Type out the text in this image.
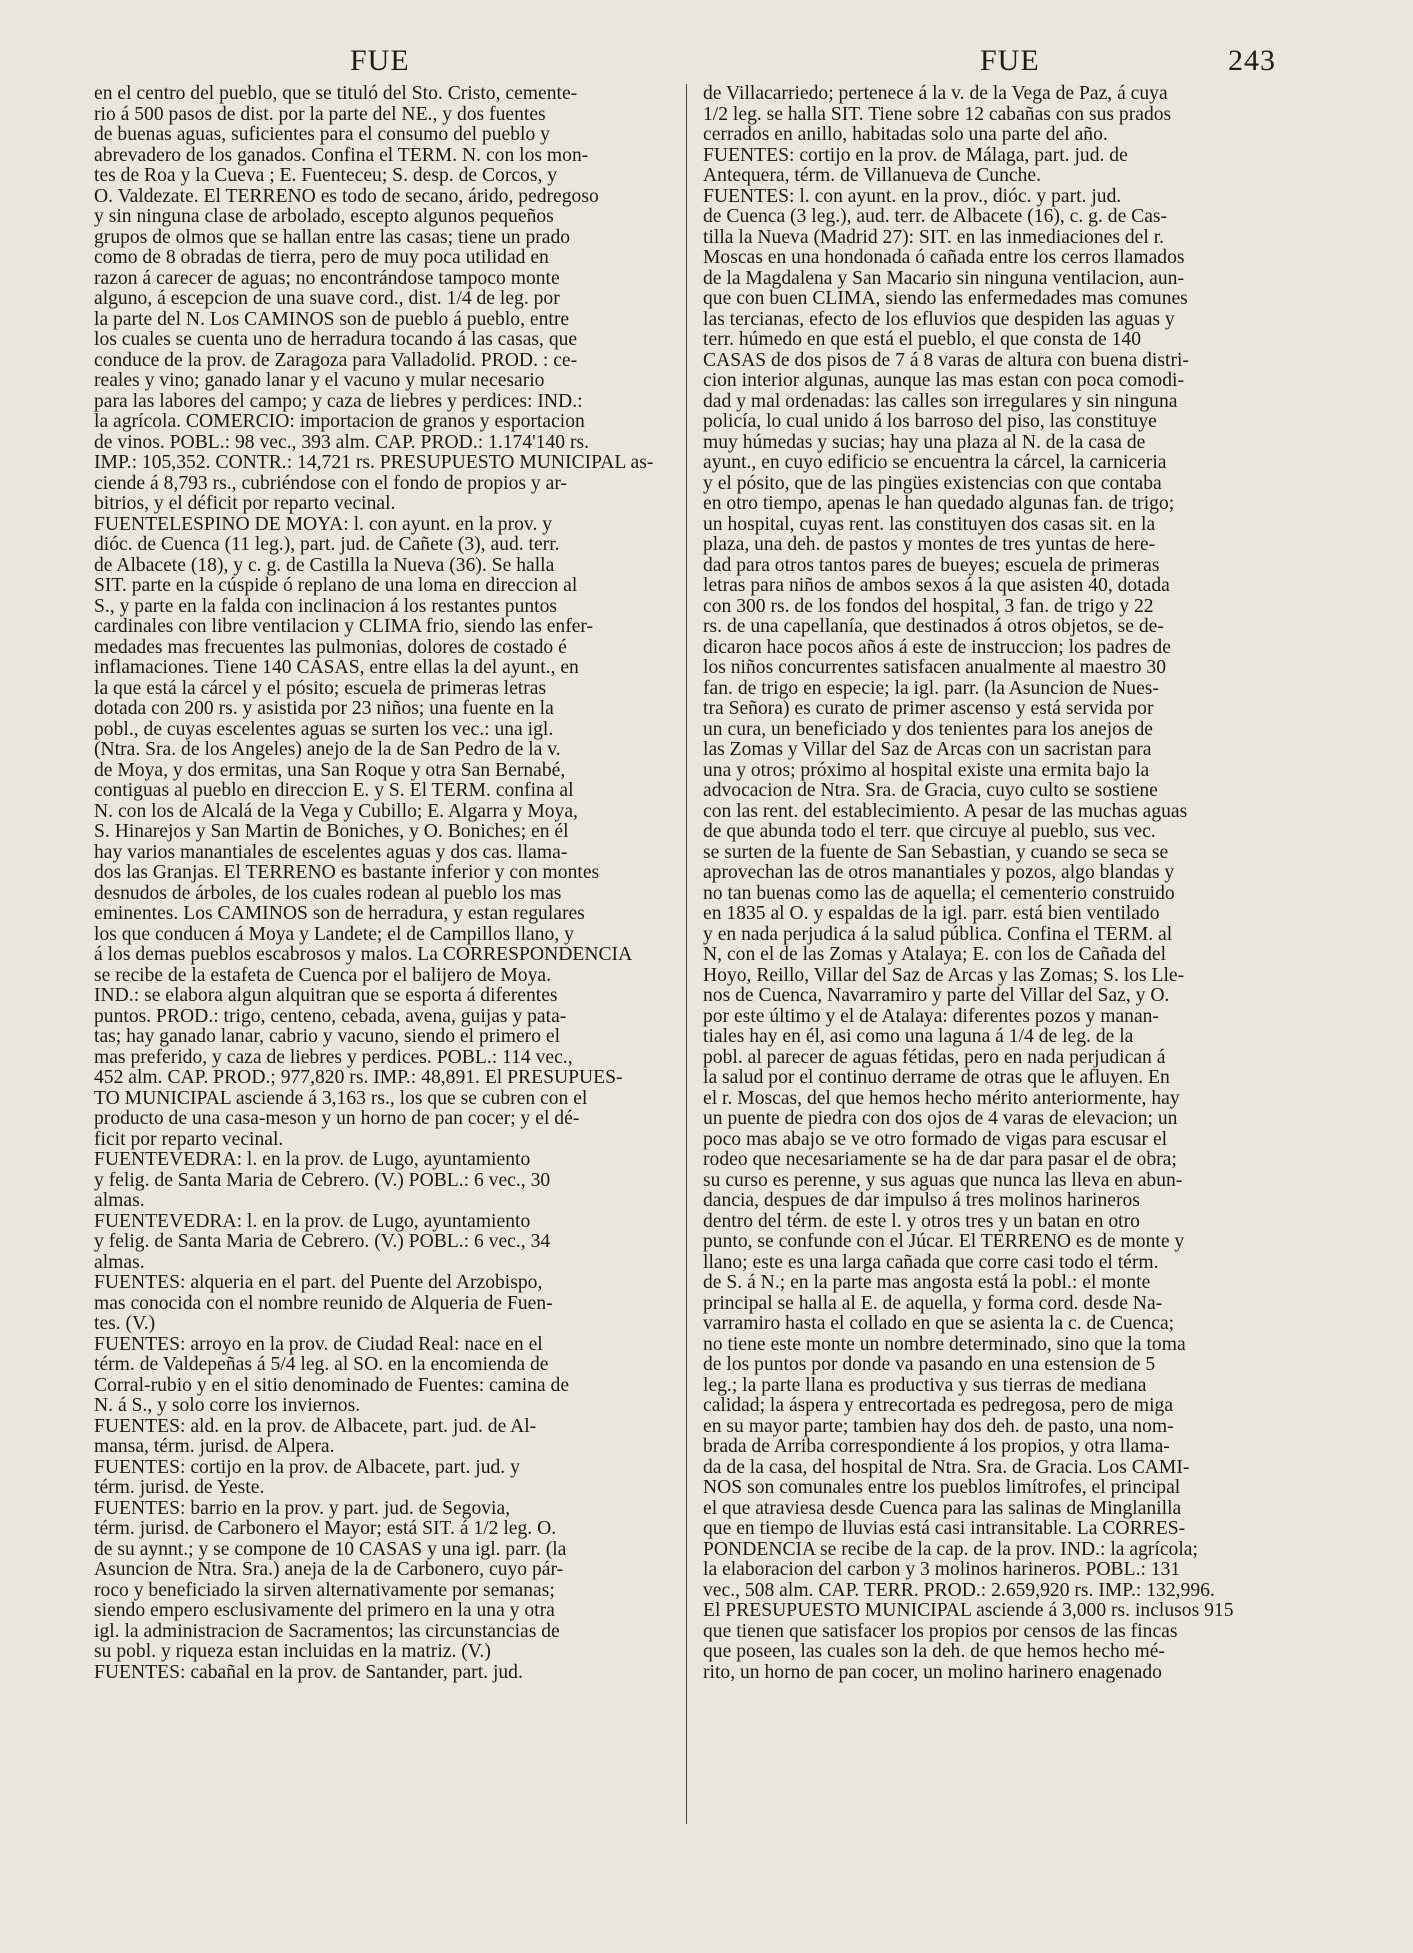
FUE	FUE	243
en el centro del pueblo, que se tituló del Sto. Cristo, cemente-
rio á 500 pasos de dist. por la parte del NE., y dos fuentes
de buenas aguas, suficientes para el consumo del pueblo y
abrevadero de los ganados. Confina el TÉRM. N. con los mon-
tes de Roa y la Cueva ; E. Fuenteceu; S. desp. de Corcos, y
O. Valdezate. El TERRENO es todo de secano, árido, pedregoso
y sin ninguna clase de arbolado, escepto algunos pequeños
grupos de olmos que se hallan entre las casas; tiene un prado
como de 8 obradas de tierra, pero de muy poca utilidad en
razon á carecer de aguas; no encontrándose tampoco monte
alguno, á escepcion de una suave cord., dist. 1/4 de leg. por
la parte del N. Los CAMINOS son de pueblo á pueblo, entre
los cuales se cuenta uno de herradura tocando á las casas, que
conduce de la prov. de Zaragoza para Valladolid. PROD. : ce-
reales y vino; ganado lanar y el vacuno y mular necesario
para las labores del campo; y caza de liebres y perdices: IND.:
la agrícola. COMERCIO: importacion de granos y esportacion
de vinos. POBL.: 98 vec., 393 alm. CAP. PROD.: 1.174'140 rs.
IMP.: 105,352. CONTR.: 14,721 rs. PRESUPUESTO MUNICIPAL as-
ciende á 8,793 rs., cubriéndose con el fondo de propios y ar-
bitrios, y el déficit por reparto vecinal.
FUENTELESPINO DE MOYA: l. con ayunt. en la prov. y
dióc. de Cuenca (11 leg.), part. jud. de Cañete (3), aud. terr.
de Albacete (18), y c. g. de Castilla la Nueva (36). Se halla
SIT. parte en la cúspide ó replano de una loma en direccion al
S., y parte en la falda con inclinacion á los restantes puntos
cardinales con libre ventilacion y CLIMA frio, siendo las enfer-
medades mas frecuentes las pulmonias, dolores de costado é
inflamaciones. Tiene 140 CASAS, entre ellas la del ayunt., en
la que está la cárcel y el pósito; escuela de primeras letras
dotada con 200 rs. y asistida por 23 niños; una fuente en la
pobl., de cuyas escelentes aguas se surten los vec.: una igl.
(Ntra. Sra. de los Angeles) anejo de la de San Pedro de la v.
de Moya, y dos ermitas, una San Roque y otra San Bernabé,
contiguas al pueblo en direccion E. y S. El TÉRM. confina al
N. con los de Alcalá de la Vega y Cubillo; E. Algarra y Moya,
S. Hinarejos y San Martin de Boniches, y O. Boniches; en él
hay varios manantiales de escelentes aguas y dos cas. llama-
dos las Granjas. El TERRENO es bastante inferior y con montes
desnudos de árboles, de los cuales rodean al pueblo los mas
eminentes. Los CAMINOS son de herradura, y estan regulares
los que conducen á Moya y Landete; el de Campillos llano, y
á los demas pueblos escabrosos y malos. La CORRESPONDENCIA
se recibe de la estafeta de Cuenca por el balijero de Moya.
IND.: se elabora algun alquitran que se esporta á diferentes
puntos. PROD.: trigo, centeno, cebada, avena, guijas y pata-
tas; hay ganado lanar, cabrio y vacuno, siendo el primero el
mas preferido, y caza de liebres y perdices. POBL.: 114 vec.,
452 alm. CAP. PROD.; 977,820 rs. IMP.: 48,891. El PRESUPUES-
TO MUNICIPAL asciende á 3,163 rs., los que se cubren con el
producto de una casa-meson y un horno de pan cocer; y el dé-
ficit por reparto vecinal.
FUENTEVEDRA: l. en la prov. de Lugo, ayuntamiento
y felig. de Santa Maria de Cebrero. (V.) POBL.: 6 vec., 30
almas.
FUENTEVEDRA: l. en la prov. de Lugo, ayuntamiento
y felig. de Santa Maria de Cebrero. (V.) POBL.: 6 vec., 34
almas.
FUENTES: alqueria en el part. del Puente del Arzobispo,
mas conocida con el nombre reunido de Alqueria de Fuen-
tes. (V.)
FUENTES: arroyo en la prov. de Ciudad Real: nace en el
térm. de Valdepeñas á 5/4 leg. al SO. en la encomienda de
Corral-rubio y en el sitio denominado de Fuentes: camina de
N. á S., y solo corre los inviernos.
FUENTES: ald. en la prov. de Albacete, part. jud. de Al-
mansa, térm. jurisd. de Alpera.
FUENTES: cortijo en la prov. de Albacete, part. jud. y
térm. jurisd. de Yeste.
FUENTES: barrio en la prov. y part. jud. de Segovia,
térm. jurisd. de Carbonero el Mayor; está SIT. á 1/2 leg. O.
de su aynnt.; y se compone de 10 CASAS y una igl. parr. (la
Asuncion de Ntra. Sra.) aneja de la de Carbonero, cuyo pár-
roco y beneficiado la sirven alternativamente por semanas;
siendo empero esclusivamente del primero en la una y otra
igl. la administracion de Sacramentos; las circunstancias de
su pobl. y riqueza estan incluidas en la matriz. (V.)
FUENTES: cabañal en la prov. de Santander, part. jud.
de Villacarriedo; pertenece á la v. de la Vega de Paz, á cuya
1/2 leg. se halla SIT. Tiene sobre 12 cabañas con sus prados
cerrados en anillo, habitadas solo una parte del año.
FUENTES: cortijo en la prov. de Málaga, part. jud. de
Antequera, térm. de Villanueva de Cunche.
FUENTES: l. con ayunt. en la prov., dióc. y part. jud.
de Cuenca (3 leg.), aud. terr. de Albacete (16), c. g. de Cas-
tilla la Nueva (Madrid 27): SIT. en las inmediaciones del r.
Moscas en una hondonada ó cañada entre los cerros llamados
de la Magdalena y San Macario sin ninguna ventilacion, aun-
que con buen CLIMA, siendo las enfermedades mas comunes
las tercianas, efecto de los efluvios que despiden las aguas y
terr. húmedo en que está el pueblo, el que consta de 140
CASAS de dos pisos de 7 á 8 varas de altura con buena distri-
cion interior algunas, aunque las mas estan con poca comodi-
dad y mal ordenadas: las calles son irregulares y sin ninguna
policía, lo cual unido á los barroso del piso, las constituye
muy húmedas y sucias; hay una plaza al N. de la casa de
ayunt., en cuyo edificio se encuentra la cárcel, la carniceria
y el pósito, que de las pingües existencias con que contaba
en otro tiempo, apenas le han quedado algunas fan. de trigo;
un hospital, cuyas rent. las constituyen dos casas sit. en la
plaza, una deh. de pastos y montes de tres yuntas de here-
dad para otros tantos pares de bueyes; escuela de primeras
letras para niños de ambos sexos á la que asisten 40, dotada
con 300 rs. de los fondos del hospital, 3 fan. de trigo y 22
rs. de una capellanía, que destinados á otros objetos, se de-
dicaron hace pocos años á este de instruccion; los padres de
los niños concurrentes satisfacen anualmente al maestro 30
fan. de trigo en especie; la igl. parr. (la Asuncion de Nues-
tra Señora) es curato de primer ascenso y está servida por
un cura, un beneficiado y dos tenientes para los anejos de
las Zomas y Villar del Saz de Arcas con un sacristan para
una y otros; próximo al hospital existe una ermita bajo la
advocacion de Ntra. Sra. de Gracia, cuyo culto se sostiene
con las rent. del establecimiento. A pesar de las muchas aguas
de que abunda todo el terr. que circuye al pueblo, sus vec.
se surten de la fuente de San Sebastian, y cuando se seca se
aprovechan las de otros manantiales y pozos, algo blandas y
no tan buenas como las de aquella; el cementerio construido
en 1835 al O. y espaldas de la igl. parr. está bien ventilado
y en nada perjudica á la salud pública. Confina el TÉRM. al
N, con el de las Zomas y Atalaya; E. con los de Cañada del
Hoyo, Reillo, Villar del Saz de Arcas y las Zomas; S. los Lle-
nos de Cuenca, Navarramiro y parte del Villar del Saz, y O.
por este último y el de Atalaya: diferentes pozos y manan-
tiales hay en él, asi como una laguna á 1/4 de leg. de la
pobl. al parecer de aguas fétidas, pero en nada perjudican á
la salud por el continuo derrame de otras que le afluyen. En
el r. Moscas, del que hemos hecho mérito anteriormente, hay
un puente de piedra con dos ojos de 4 varas de elevacion; un
poco mas abajo se ve otro formado de vigas para escusar el
rodeo que necesariamente se ha de dar para pasar el de obra;
su curso es perenne, y sus aguas que nunca las lleva en abun-
dancia, despues de dar impulso á tres molinos harineros
dentro del térm. de este l. y otros tres y un batan en otro
punto, se confunde con el Júcar. El TERRENO es de monte y
llano; este es una larga cañada que corre casi todo el térm.
de S. á N.; en la parte mas angosta está la pobl.: el monte
principal se halla al E. de aquella, y forma cord. desde Na-
varramiro hasta el collado en que se asienta la c. de Cuenca;
no tiene este monte un nombre determinado, sino que la toma
de los puntos por donde va pasando en una estension de 5
leg.; la parte llana es productiva y sus tierras de mediana
calidad; la áspera y entrecortada es pedregosa, pero de miga
en su mayor parte; tambien hay dos deh. de pasto, una nom-
brada de Arriba correspondiente á los propios, y otra llama-
da de la casa, del hospital de Ntra. Sra. de Gracia. Los CAMI-
NOS son comunales entre los pueblos limítrofes, el principal
el que atraviesa desde Cuenca para las salinas de Minglanilla
que en tiempo de lluvias está casi intransitable. La CORRES-
PONDENCIA se recibe de la cap. de la prov. IND.: la agrícola;
la elaboracion del carbon y 3 molinos harineros. POBL.: 131
vec., 508 alm. CAP. TERR. PROD.: 2.659,920 rs. IMP.: 132,996.
El PRESUPUESTO MUNICIPAL asciende á 3,000 rs. inclusos 915
que tienen que satisfacer los propios por censos de las fincas
que poseen, las cuales son la deh. de que hemos hecho mé-
rito, un horno de pan cocer, un molino harinero enagenado
